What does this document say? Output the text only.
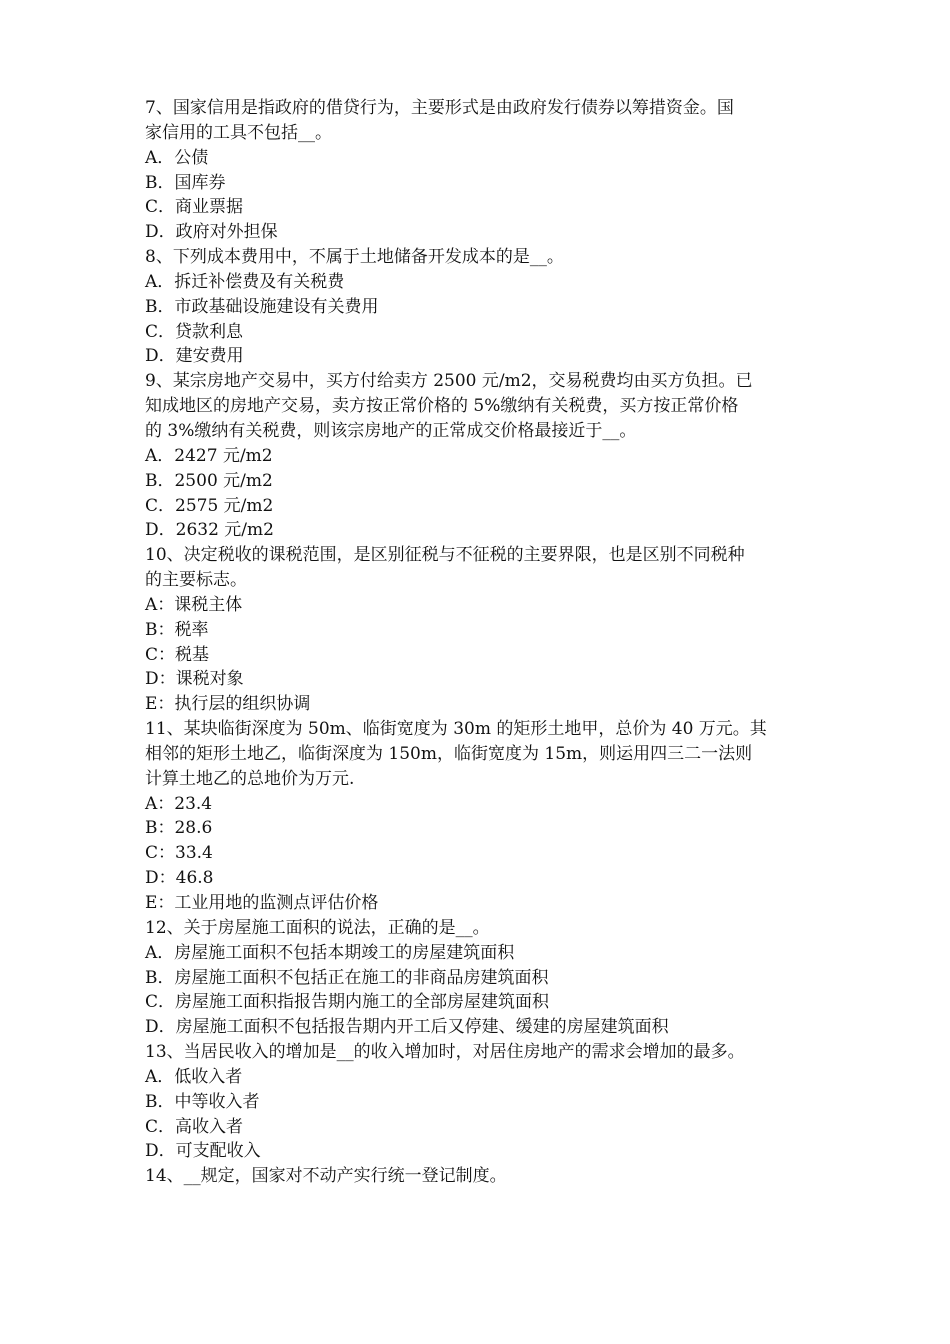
7、国家信用是指政府的借贷行为，主要形式是由政府发行债券以筹措资金。国
家信用的工具不包括__。
A．公债
B．国库券
C．商业票据
D．政府对外担保
8、下列成本费用中，不属于土地储备开发成本的是__。
A．拆迁补偿费及有关税费
B．市政基础设施建设有关费用
C．贷款利息
D．建安费用
9、某宗房地产交易中，买方付给卖方 2500 元/m2，交易税费均由买方负担。已
知成地区的房地产交易，卖方按正常价格的 5%缴纳有关税费，买方按正常价格
的 3%缴纳有关税费，则该宗房地产的正常成交价格最接近于__。
A．2427 元/m2
B．2500 元/m2
C．2575 元/m2
D．2632 元/m2
10、决定税收的课税范围，是区别征税与不征税的主要界限，也是区别不同税种
的主要标志。
A：课税主体
B：税率
C：税基
D：课税对象
E：执行层的组织协调
11、某块临街深度为 50m、临街宽度为 30m 的矩形土地甲，总价为 40 万元。其
相邻的矩形土地乙，临街深度为 150m，临街宽度为 15m，则运用四三二一法则
计算土地乙的总地价为万元.
A：23.4
B：28.6
C：33.4
D：46.8
E：工业用地的监测点评估价格
12、关于房屋施工面积的说法，正确的是__。
A．房屋施工面积不包括本期竣工的房屋建筑面积
B．房屋施工面积不包括正在施工的非商品房建筑面积
C．房屋施工面积指报告期内施工的全部房屋建筑面积
D．房屋施工面积不包括报告期内开工后又停建、缓建的房屋建筑面积
13、当居民收入的增加是__的收入增加时，对居住房地产的需求会增加的最多。
A．低收入者
B．中等收入者
C．高收入者
D．可支配收入
14、__规定，国家对不动产实行统一登记制度。
